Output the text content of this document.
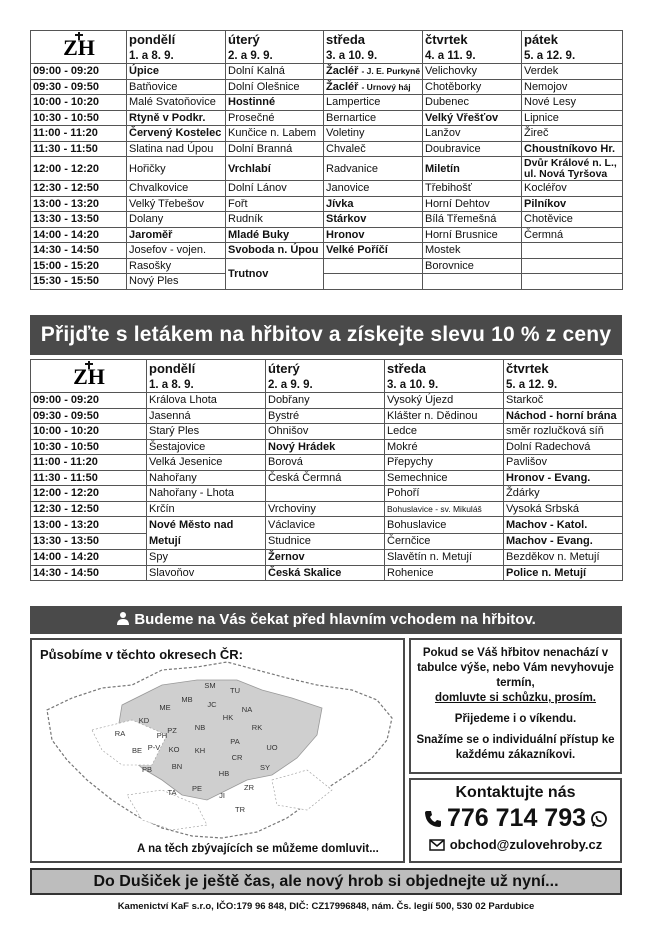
ZH	pondělí	úterý	středa	čtvrtek	pátek
	1. a 8. 9.	2. a 9. 9.	3. a 10. 9.	4. a 11. 9.	5. a 12. 9.
09:00 - 09:20	Úpice	Dolní Kalná	Žacléř - J. E. Purkyně	Velichovky	Verdek
09:30 - 09:50	Batňovice	Dolní Olešnice	Žacléř - Urnový háj	Chotěborky	Nemojov
10:00 - 10:20	Malé Svatoňovice	Hostinné	Lampertice	Dubenec	Nové Lesy
10:30 - 10:50	Rtyně v Podkr.	Prosečné	Bernartice	Velký Vřešťov	Lipnice
11:00 - 11:20	Červený Kostelec	Kunčice n. Labem	Voletiny	Lanžov	Žireč
11:30 - 11:50	Slatina nad Úpou	Dolní Branná	Chvaleč	Doubravice	Choustníkovo Hr.
12:00 - 12:20	Hořičky	Vrchlabí	Radvanice	Miletín	Dvůr Králové n. L., ul. Nová Tyršova
12:30 - 12:50	Chvalkovice	Dolní Lánov	Janovice	Třebihošť	Kocléřov
13:00 - 13:20	Velký Třebešov	Fořt	Jívka	Horní Dehtov	Pilníkov
13:30 - 13:50	Dolany	Rudník	Stárkov	Bílá Třemešná	Chotěvice
14:00 - 14:20	Jaroměř	Mladé Buky	Hronov	Horní Brusnice	Čermná
14:30 - 14:50	Josefov - vojen.	Svoboda n. Úpou	Velké Poříčí	Mostek	
15:00 - 15:20	Rasošky	Trutnov		Borovnice	
15:30 - 15:50	Nový Ples				
Přijďte s letákem na hřbitov a získejte slevu 10 % z ceny hrobu.
ZH	pondělí	úterý	středa	čtvrtek
	1. a 8. 9.	2. a 9. 9.	3. a 10. 9.	5. a 12. 9.
09:00 - 09:20	Králova Lhota	Dobřany	Vysoký Újezd	Starkoč
09:30 - 09:50	Jasenná	Bystré	Klášter n. Dědinou	Náchod - horní brána
10:00 - 10:20	Starý Ples	Ohnišov	Ledce	směr rozlučková síň
10:30 - 10:50	Šestajovice	Nový Hrádek	Mokré	Dolní Radechová
11:00 - 11:20	Velká Jesenice	Borová	Přepychy	Pavlišov
11:30 - 11:50	Nahořany	Česká Čermná	Semechnice	Hronov - Evang.
12:00 - 12:20	Nahořany - Lhota		Pohoří	Ždárky
12:30 - 12:50	Krčín	Vrchoviny	Bohuslavice - sv. Mikuláš	Vysoká Srbská
13:00 - 13:20	Nové Město nad Metují	Václavice	Bohuslavice	Machov - Katol.
13:30 - 13:50		Studnice	Černčice	Machov - Evang.
14:00 - 14:20	Spy	Žernov	Slavětín n. Metují	Bezděkov n. Metují
14:30 - 14:50	Slavoňov	Česká Skalice	Rohenice	Police n. Metují
Budeme na Vás čekat před hlavním vchodem na hřbitov.
Působíme v těchto okresech ČR:
SM
TU
MB
JC
NA
ME
HK
RK
KD
NB
PZ
PH
P-V	KH
PA
UO
BE
PB
KO
CR
SY
BN
HB
TA PE	ZR
JI
TR
RA
A na těch zbývajících se můžeme domluvit...

Pokud se Váš hřbitov nenachází v tabulce výše, nebo Vám nevyhovuje termín,
domluvte si schůzku, prosím.

Přijedeme i o víkendu.

Snažíme se o individuální přístup ke každému zákazníkovi.

Kontaktujte nás
776 714 793
obchod@zulovehroby.cz
Do Dušiček je ještě čas, ale nový hrob si objednejte už nyní...
Kamenictví KaF s.r.o, IČO:179 96 848, DIČ: CZ17996848, nám. Čs. legií 500, 530 02 Pardubice
